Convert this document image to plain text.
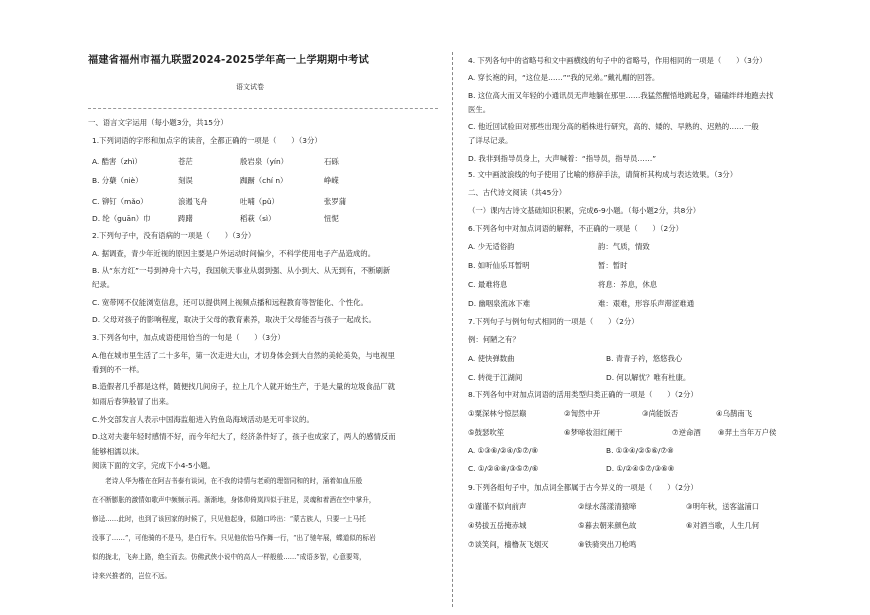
福建省福州市福九联盟2024-2025学年高一上学期期中考试
语文试卷
一、语言文字运用（每小题3分，共15分）
1.下列词语的字形和加点字的读音，全都正确的一项是（　　）（3分）
A. 酷害（zhì）	苍茫	殷岩泉（yín）	石砾
B. 分蘖（niè）	刻误	踟蹰（chí n）	峥嵘
C. 铆钉（mǎo）	浪遏飞舟	吐哺（pǔ）	张罗蒲
D. 纶（guān）巾	踌躇	稻萩（sì）	忸怩
2.下列句子中，没有语病的一项是（　　）（3分）
A. 据调查，青少年近视的原因主要是户外运动时间偏少，不科学使用电子产品造成的。
B. 从“东方红”一号到神舟十六号，我国航天事业从弱到强、从小到大、从无到有，不断刷新
纪录。
C. 宽带网不仅能浏览信息，还可以提供网上视频点播和远程教育等智能化、个性化。
D. 父母对孩子的影响程度，取决于父母的教育素养，取决于父母能否与孩子一起成长。
3.下列各句中，加点成语使用恰当的一句是（　　）（3分）
A.他在城市里生活了二十多年，第一次走进大山，才切身体会到大自然的美轮美奂，与电视里
看到的不一样。
B.造假者几乎都是这样，随便找几间房子，拉上几个人就开始生产，于是大量的垃圾食品厂就
如雨后春笋般冒了出来。
C.外交部发言人表示中国海监船进入钓鱼岛海域活动是无可非议的。
D.这对夫妻年轻时感情不好，而今年纪大了，经济条件好了，孩子也成家了，两人的感情反而
能够相濡以沫。
阅读下面的文字，完成下小4-5小题。
　　老诗人华为楷在在阿吉书泰有谈词，在不我的诗情与老顽的理智同和的时，涌着如血压般
在不断膨胀的激情如歌声中频频示再。渐渐地，身体仰倚岚四似于驻足，灵魂和着酒在空中掌升，
修迳……此时，也到了该回家的时候了，只见他起身，似随口吟出：“蒙古族人，只要一上马托
没事了……”，可他骑的不是马，是白行车。只见他依怡马作舞一行，“出了驰年展，蝶道似的标岩
似的拢北，飞奔上路，绝尘而去。仿佛武侠小说中的高人一样般般……”成语多智，心意要驾，
诗来兴推者的，岂位不远。
4. 下列各句中的省略号和文中画横线的句子中的省略号，作用相同的一项是（　　）（3分）
A. 穿长袍的问，“这位是……”“我的兄弟。”戴礼帽的回答。
B. 这位高大而又年轻的小通讯员无声地躺在那里……我猛然醒悟地跳起身，磕磕绊绊地跑去找
医生。
C. 他近回试验田对那些出现分高的稻株进行研究，高的、矮的、早熟的、迟熟的……一般
了详尽记录。
D. 我非到指导员身上，大声喊着：“指导员，指导员……”
5. 文中画波浪线的句子使用了比喻的修辞手法，请简析其构成与表达效果。（3分）
二、古代诗文阅读（共45分）
（一）课内古诗文基础知识积累，完成6-9小题。（每小题2分，共8分）
6.下列各句中对加点词语的解释，不正确的一项是（　　）（2分）
A. 少无适俗韵	韵：气质，情致
B. 如听仙乐耳暂明	暂：暂时
C. 最难将息	将息：养息，休息
D. 幽咽泉流冰下难	难：艰难，形容乐声滞涩难通
7.下列句子与例句句式相同的一项是（　　）（2分）
例：何陋之有？
A. 使快弹数曲	B. 青青子衿，悠悠我心
C. 转徙于江湖间	D. 何以解忧？唯有杜康。
8.下列各句中对加点词语的活用类型归类正确的一项是（　　）（2分）
①粟深林兮惊层巅	②訇然中开	③尚能饭否	④乌鹊南飞
⑤鼓瑟吹笙	⑥梦啼妆泪红阑干	⑦逆命酒 ⑧羿土当年万户侯
A. ①③⑥/②④/⑤⑦/⑧	B. ①③④/②⑤⑥/⑦⑧
C. ①/②④⑧/③⑤⑦/⑥	D. ①/②④⑤⑦/③⑥⑧
9.下列各组句子中，加点词全都属于古今异义的一项是（　　）（2分）
①谨谨不似向前声	②绿水荡漾清猿啼	③明年秋，送客湓浦口
④势拔五岳掩赤城	⑤暮去朝来颜色故	⑥对酒当歌，人生几何
⑦谈笑间，樯橹灰飞烟灭	⑧铁骑突出刀枪鸣
